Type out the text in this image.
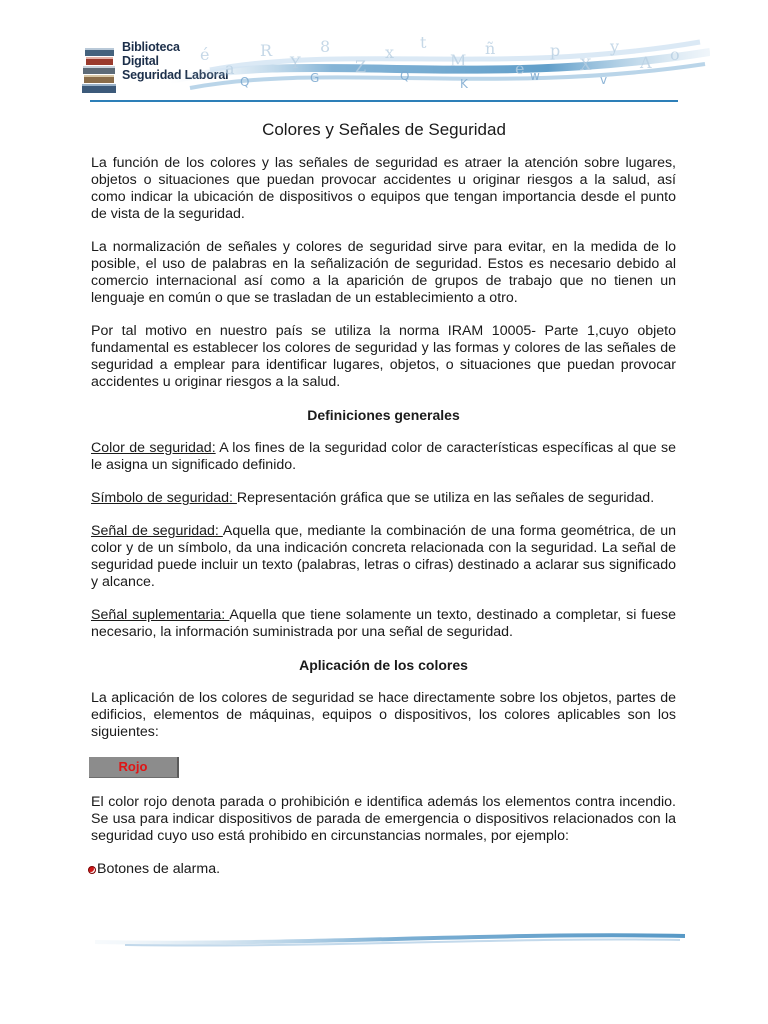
Biblioteca
Digital
Seguridad Laboral
é
a
R
Y
8
Z
x
t
M
ñ
e
p
X
y
A o
Q	G	Q
K
w	v
Colores y Señales de Seguridad

La función de los colores y las señales de seguridad es atraer la atención sobre lugares, objetos o situaciones que puedan provocar accidentes u originar riesgos a la salud, así como indicar la ubicación de dispositivos o equipos que tengan importancia desde el punto de vista de la seguridad.

La normalización de señales y colores de seguridad sirve para evitar, en la medida de lo posible, el uso de palabras en la señalización de seguridad. Estos es necesario debido al comercio internacional así como a la aparición de grupos de trabajo que no tienen un lenguaje en común o que se trasladan de un establecimiento a otro.

Por tal motivo en nuestro país se utiliza la norma IRAM 10005- Parte 1,cuyo objeto fundamental es establecer los colores de seguridad y las formas y colores de las señales de seguridad a emplear para identificar lugares, objetos, o situaciones que puedan provocar accidentes u originar riesgos a la salud.

Definiciones generales

Color de seguridad: A los fines de la seguridad color de características específicas al que se le asigna un significado definido.

Símbolo de seguridad: Representación gráfica que se utiliza en las señales de seguridad.

Señal de seguridad: Aquella que, mediante la combinación de una forma geométrica, de un color y de un símbolo, da una indicación concreta relacionada con la seguridad. La señal de seguridad puede incluir un texto (palabras, letras o cifras) destinado a aclarar sus significado y alcance.

Señal suplementaria: Aquella que tiene solamente un texto, destinado a completar, si fuese necesario, la información suministrada por una señal de seguridad.

Aplicación de los colores

La aplicación de los colores de seguridad se hace directamente sobre los objetos, partes de edificios, elementos de máquinas, equipos o dispositivos, los colores aplicables son los siguientes:

Rojo

El color rojo denota parada o prohibición e identifica además los elementos contra incendio. Se usa para indicar dispositivos de parada de emergencia o dispositivos relacionados con la seguridad cuyo uso está prohibido en circunstancias normales, por ejemplo:

Botones de alarma.
